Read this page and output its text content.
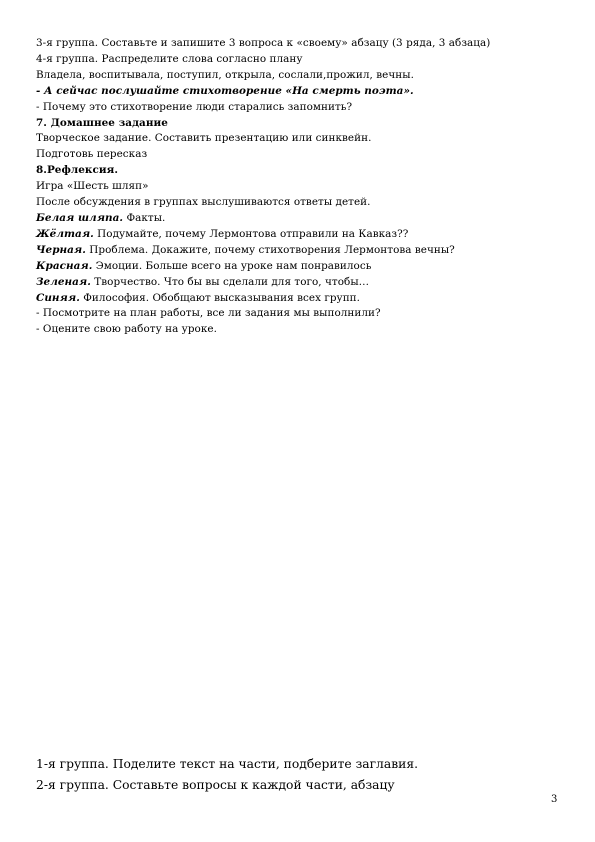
3-я группа. Составьте и запишите 3 вопроса к «своему» абзацу (3 ряда, 3 абзаца)
4-я группа. Распределите слова согласно плану
Владела, воспитывала, поступил, открыла, сослали,прожил, вечны.
- А сейчас послушайте стихотворение «На смерть поэта».
- Почему это стихотворение люди старались запомнить?
7. Домашнее задание
Творческое задание. Составить презентацию или синквейн.
Подготовь пересказ
8.Рефлексия.
Игра «Шесть шляп»
После обсуждения в группах выслушиваются ответы детей.
Белая шляпа. Факты.
Жёлтая. Подумайте, почему Лермонтова отправили на Кавказ??
Черная. Проблема. Докажите, почему стихотворения Лермонтова вечны?
Красная. Эмоции. Больше всего на уроке нам понравилось
Зеленая. Творчество. Что бы вы сделали для того, чтобы…
Синяя. Философия. Обобщают высказывания всех групп.
- Посмотрите на план работы, все ли задания мы выполнили?
- Оцените свою работу на уроке.
1-я группа. Поделите текст на части, подберите заглавия.
2-я группа. Составьте вопросы к каждой части, абзацу
3
